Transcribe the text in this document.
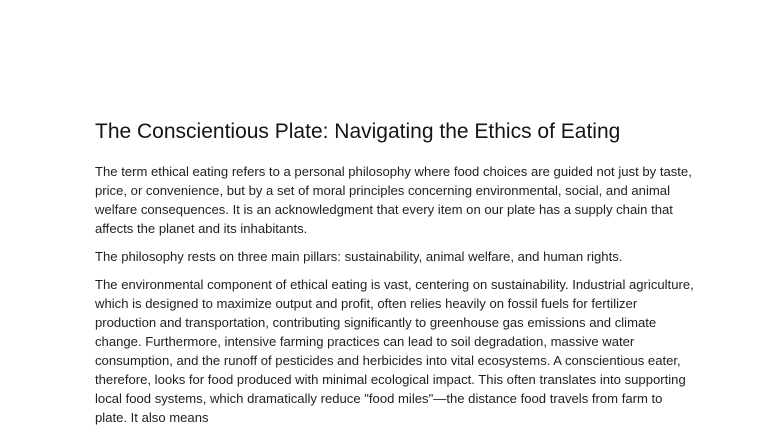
The Conscientious Plate: Navigating the Ethics of Eating

The term ethical eating refers to a personal philosophy where food choices are guided not just by taste, price, or convenience, but by a set of moral principles concerning environmental, social, and animal welfare consequences. It is an acknowledgment that every item on our plate has a supply chain that affects the planet and its inhabitants.

The philosophy rests on three main pillars: sustainability, animal welfare, and human rights.

The environmental component of ethical eating is vast, centering on sustainability. Industrial agriculture, which is designed to maximize output and profit, often relies heavily on fossil fuels for fertilizer production and transportation, contributing significantly to greenhouse gas emissions and climate change. Furthermore, intensive farming practices can lead to soil degradation, massive water consumption, and the runoff of pesticides and herbicides into vital ecosystems. A conscientious eater, therefore, looks for food produced with minimal ecological impact. This often translates into supporting local food systems, which dramatically reduce "food miles"—the distance food travels from farm to plate. It also means
